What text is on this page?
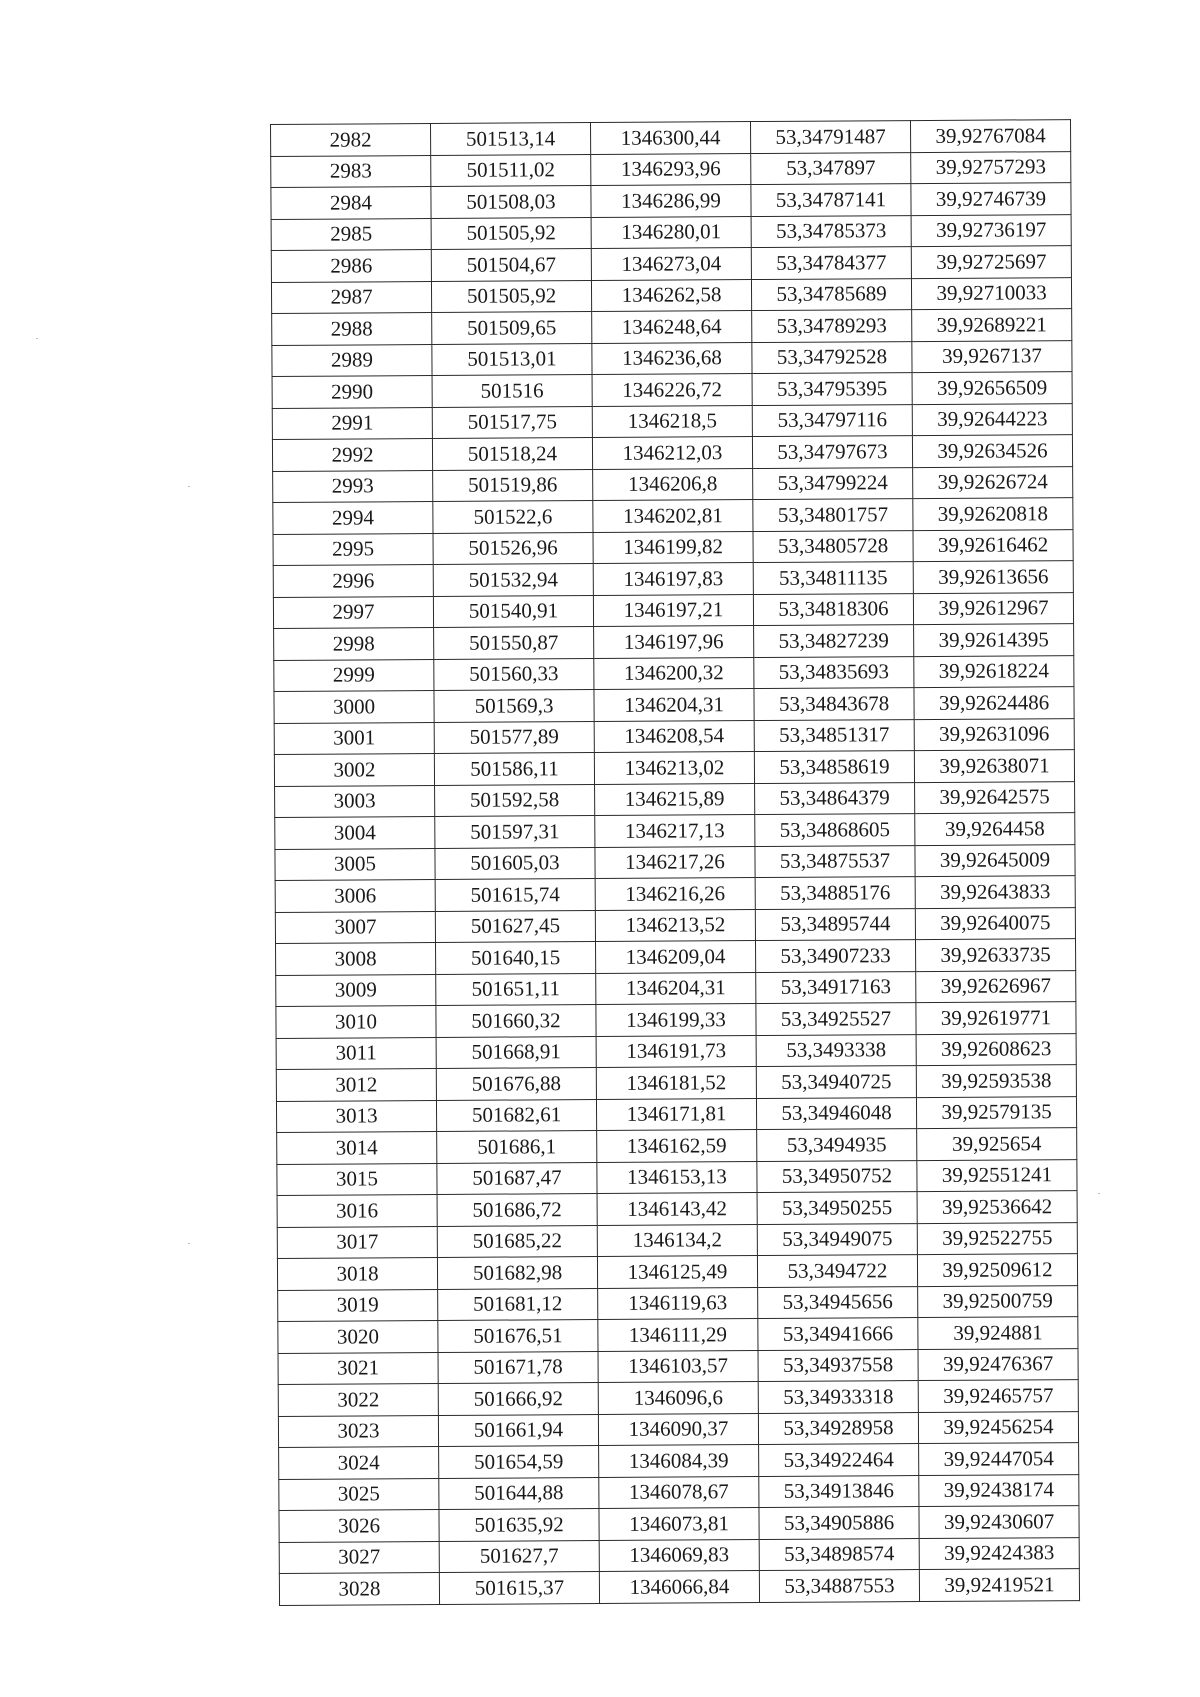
2982	501513,14	1346300,44	53,34791487	39,92767084
2983	501511,02	1346293,96	53,347897	39,92757293
2984	501508,03	1346286,99	53,34787141	39,92746739
2985	501505,92	1346280,01	53,34785373	39,92736197
2986	501504,67	1346273,04	53,34784377	39,92725697
2987	501505,92	1346262,58	53,34785689	39,92710033
2988	501509,65	1346248,64	53,34789293	39,92689221
2989	501513,01	1346236,68	53,34792528	39,9267137
2990	501516	1346226,72	53,34795395	39,92656509
2991	501517,75	1346218,5	53,34797116	39,92644223
2992	501518,24	1346212,03	53,34797673	39,92634526
2993	501519,86	1346206,8	53,34799224	39,92626724
2994	501522,6	1346202,81	53,34801757	39,92620818
2995	501526,96	1346199,82	53,34805728	39,92616462
2996	501532,94	1346197,83	53,34811135	39,92613656
2997	501540,91	1346197,21	53,34818306	39,92612967
2998	501550,87	1346197,96	53,34827239	39,92614395
2999	501560,33	1346200,32	53,34835693	39,92618224
3000	501569,3	1346204,31	53,34843678	39,92624486
3001	501577,89	1346208,54	53,34851317	39,92631096
3002	501586,11	1346213,02	53,34858619	39,92638071
3003	501592,58	1346215,89	53,34864379	39,92642575
3004	501597,31	1346217,13	53,34868605	39,9264458
3005	501605,03	1346217,26	53,34875537	39,92645009
3006	501615,74	1346216,26	53,34885176	39,92643833
3007	501627,45	1346213,52	53,34895744	39,92640075
3008	501640,15	1346209,04	53,34907233	39,92633735
3009	501651,11	1346204,31	53,34917163	39,92626967
3010	501660,32	1346199,33	53,34925527	39,92619771
3011	501668,91	1346191,73	53,3493338	39,92608623
3012	501676,88	1346181,52	53,34940725	39,92593538
3013	501682,61	1346171,81	53,34946048	39,92579135
3014	501686,1	1346162,59	53,3494935	39,925654
3015	501687,47	1346153,13	53,34950752	39,92551241
3016	501686,72	1346143,42	53,34950255	39,92536642
3017	501685,22	1346134,2	53,34949075	39,92522755
3018	501682,98	1346125,49	53,3494722	39,92509612
3019	501681,12	1346119,63	53,34945656	39,92500759
3020	501676,51	1346111,29	53,34941666	39,924881
3021	501671,78	1346103,57	53,34937558	39,92476367
3022	501666,92	1346096,6	53,34933318	39,92465757
3023	501661,94	1346090,37	53,34928958	39,92456254
3024	501654,59	1346084,39	53,34922464	39,92447054
3025	501644,88	1346078,67	53,34913846	39,92438174
3026	501635,92	1346073,81	53,34905886	39,92430607
3027	501627,7	1346069,83	53,34898574	39,92424383
3028	501615,37	1346066,84	53,34887553	39,92419521
